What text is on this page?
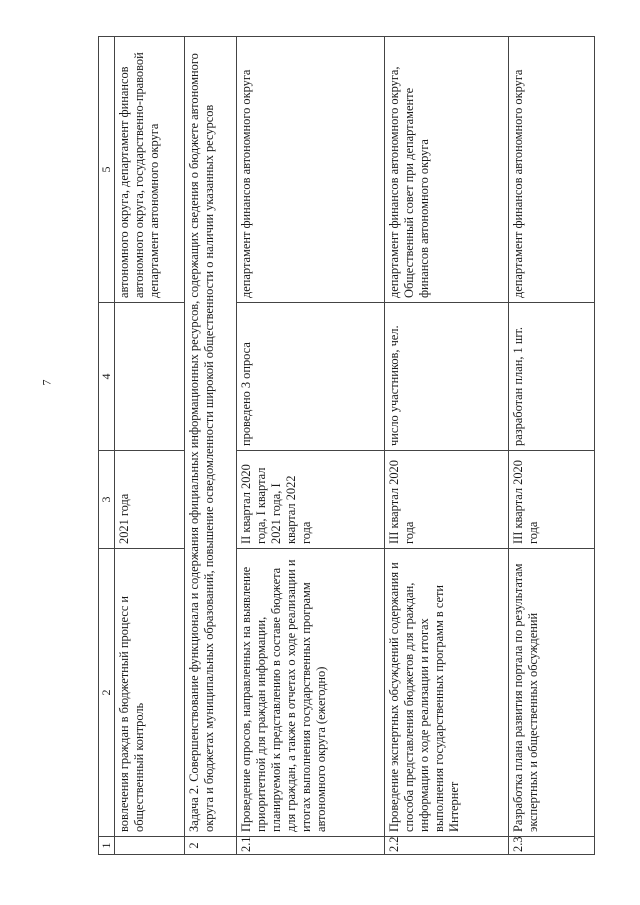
7
1	2	3	4	5
	вовлечения граждан в бюджетный процесс и общественный контроль	2021 года		автономного округа, департамент финансов автономного округа, государственно-правовой департамент автономного округа
2	Задача 2. Совершенствование функционала и содержания официальных информационных ресурсов, содержащих сведения о бюджете автономного округа и бюджетах муниципальных образований, повышение осведомленности широкой общественности о наличии указанных ресурсов			
2.1	Проведение опросов, направленных на выявление приоритетной для граждан информации, планируемой к представлению в составе бюджета для граждан, а также в отчетах о ходе реализации и итогах выполнения государственных программ автономного округа (ежегодно)	II квартал 2020 года, I квартал 2021 года, I квартал 2022 года	проведено 3 опроса	департамент финансов автономного округа
2.2	Проведение экспертных обсуждений содержания и способа представления бюджетов для граждан, информации о ходе реализации и итогах выполнения государственных программ в сети Интернет	III квартал 2020 года	число участников, чел.	департамент финансов автономного округа, Общественный совет при департаменте финансов автономного округа
2.3	Разработка плана развития портала по результатам экспертных и общественных обсуждений	III квартал 2020 года	разработан план, 1 шт.	департамент финансов автономного округа
